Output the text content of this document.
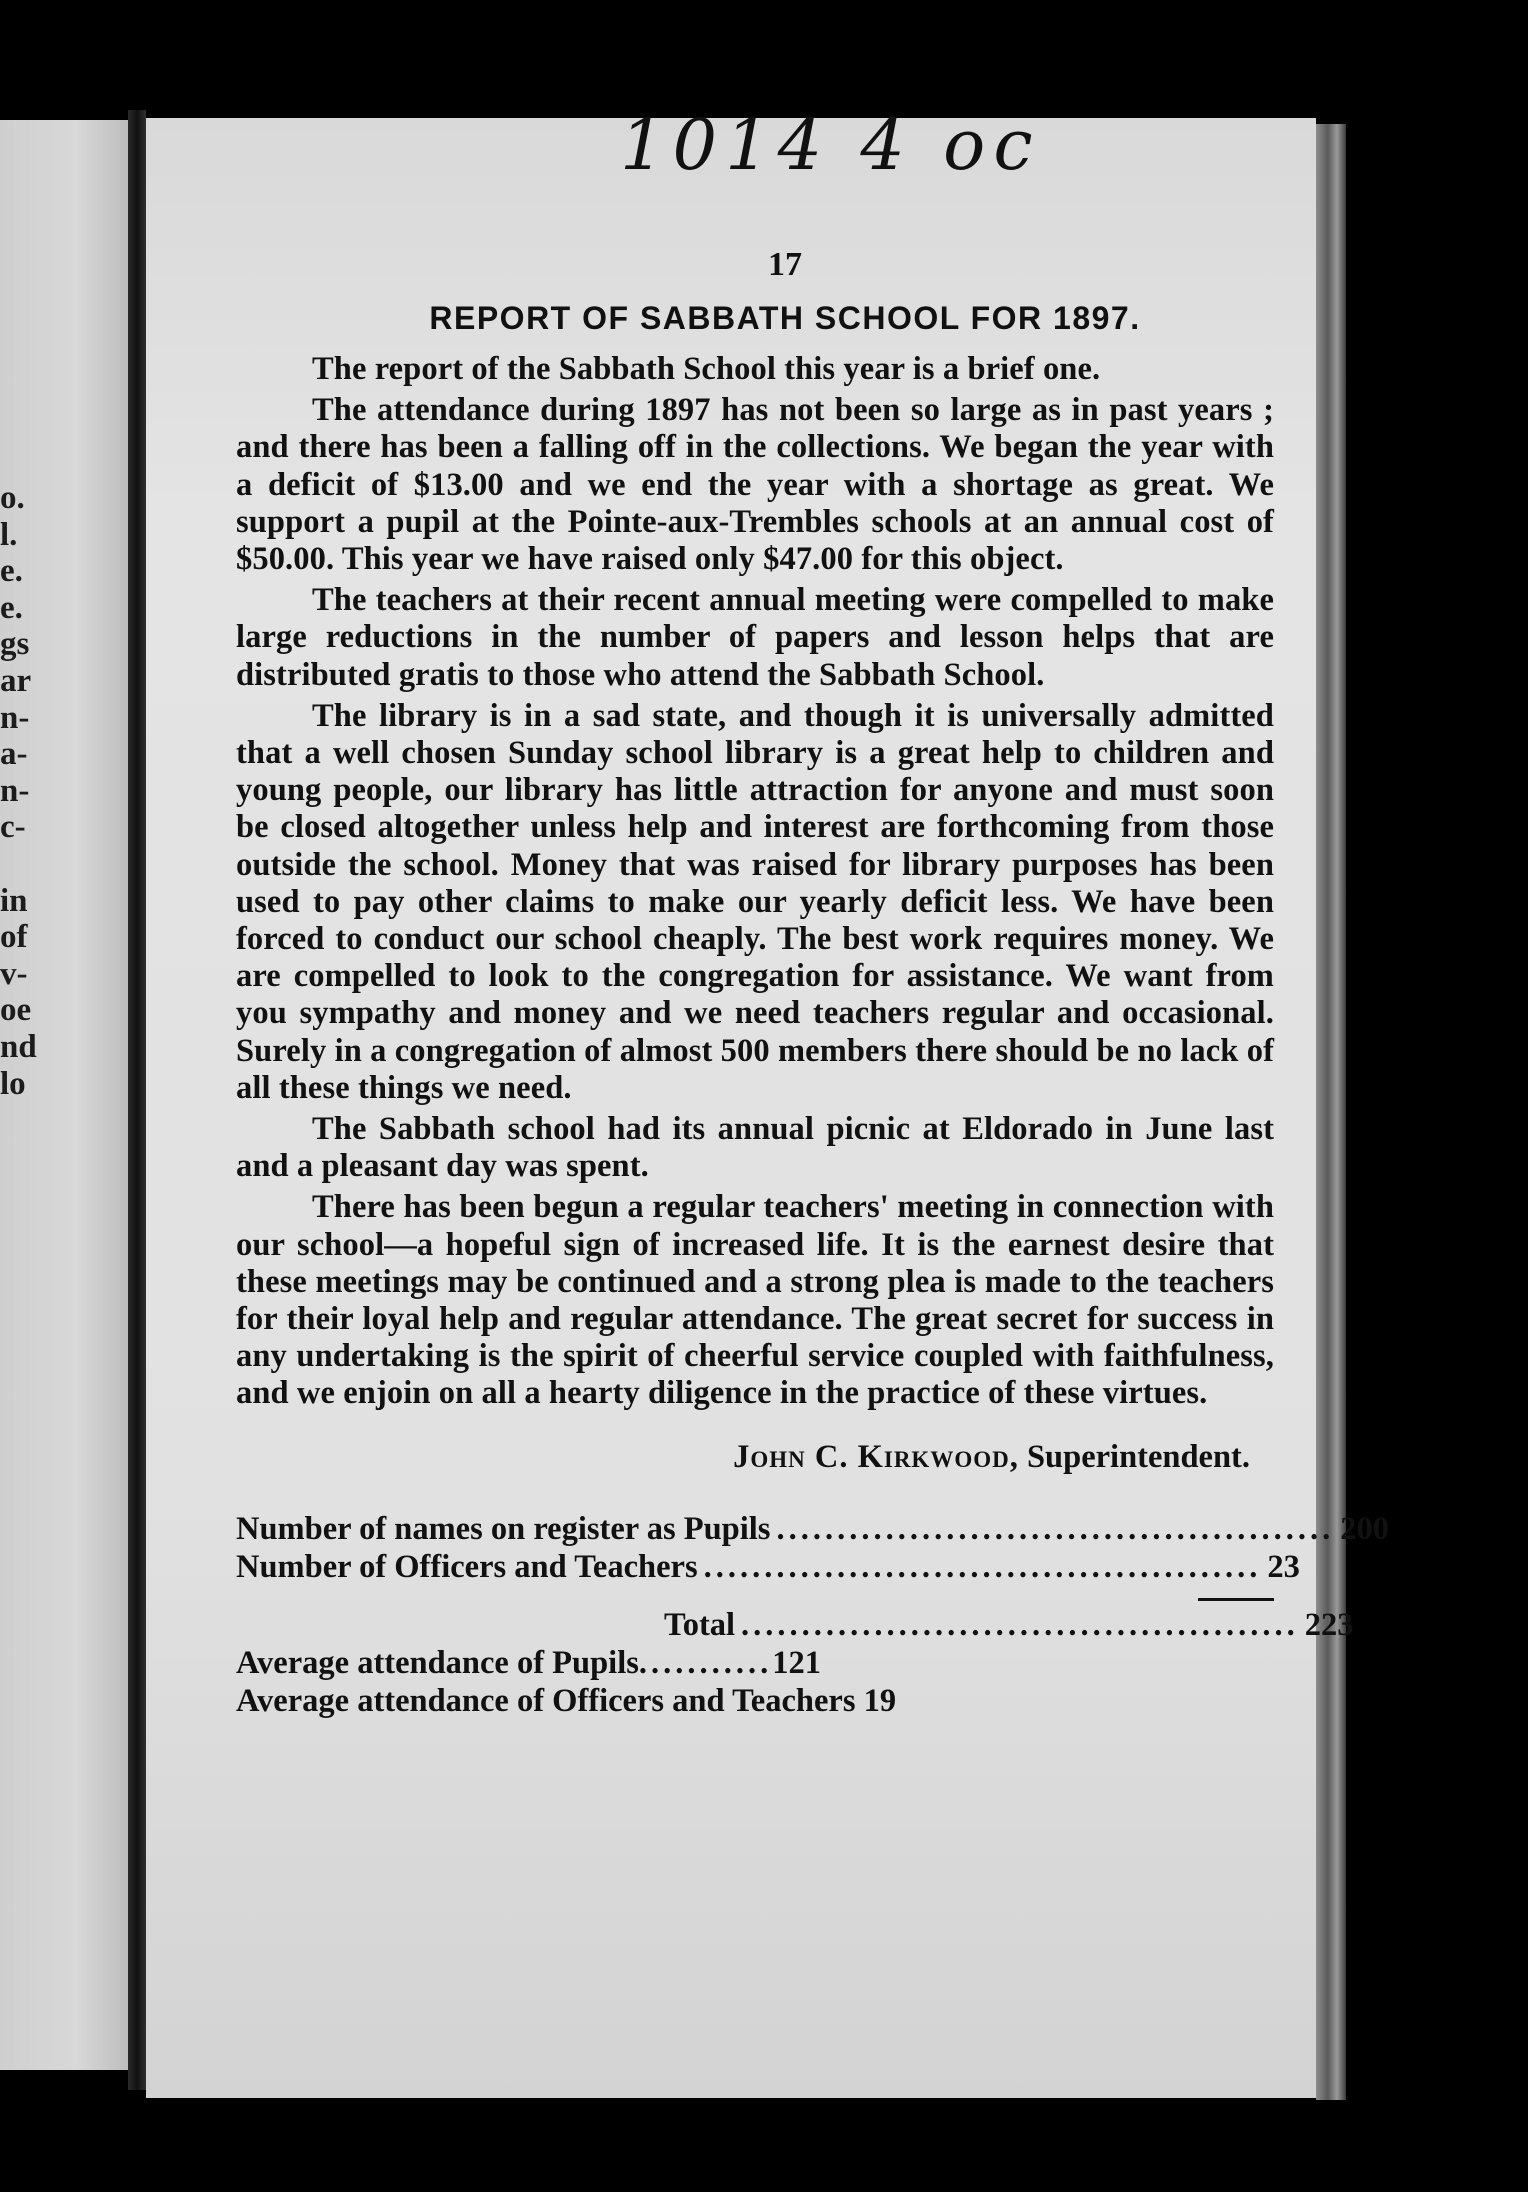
o.
l.
e.
e.
gs
ar
n-
a-
n-
c-
in
of
v-
oe
nd
lo
1014 4 oc
17
REPORT OF SABBATH SCHOOL FOR 1897.

The report of the Sabbath School this year is a brief one.

The attendance during 1897 has not been so large as in past years ; and there has been a falling off in the collections. We began the year with a deficit of $13.00 and we end the year with a shortage as great. We support a pupil at the Pointe-aux-Trembles schools at an annual cost of $50.00. This year we have raised only $47.00 for this object.

The teachers at their recent annual meeting were compelled to make large reductions in the number of papers and lesson helps that are distributed gratis to those who attend the Sabbath School.

The library is in a sad state, and though it is universally admitted that a well chosen Sunday school library is a great help to children and young people, our library has little attraction for anyone and must soon be closed altogether unless help and interest are forthcoming from those outside the school. Money that was raised for library purposes has been used to pay other claims to make our yearly deficit less. We have been forced to conduct our school cheaply. The best work requires money. We are compelled to look to the congregation for assistance. We want from you sympathy and money and we need teachers regular and occasional. Surely in a congregation of almost 500 members there should be no lack of all these things we need.

The Sabbath school had its annual picnic at Eldorado in June last and a pleasant day was spent.

There has been begun a regular teachers' meeting in connection with our school—a hopeful sign of increased life. It is the earnest desire that these meetings may be continued and a strong plea is made to the teachers for their loyal help and regular attendance. The great secret for success in any undertaking is the spirit of cheerful service coupled with faithfulness, and we enjoin on all a hearty diligence in the practice of these virtues.

John C. Kirkwood, Superintendent.
Number of names on register as Pupils .............................................. 200
Number of Officers and Teachers .............................................. 23
Total .............................................. 223
Average attendance of Pupils...........121
Average attendance of Officers and Teachers 19
